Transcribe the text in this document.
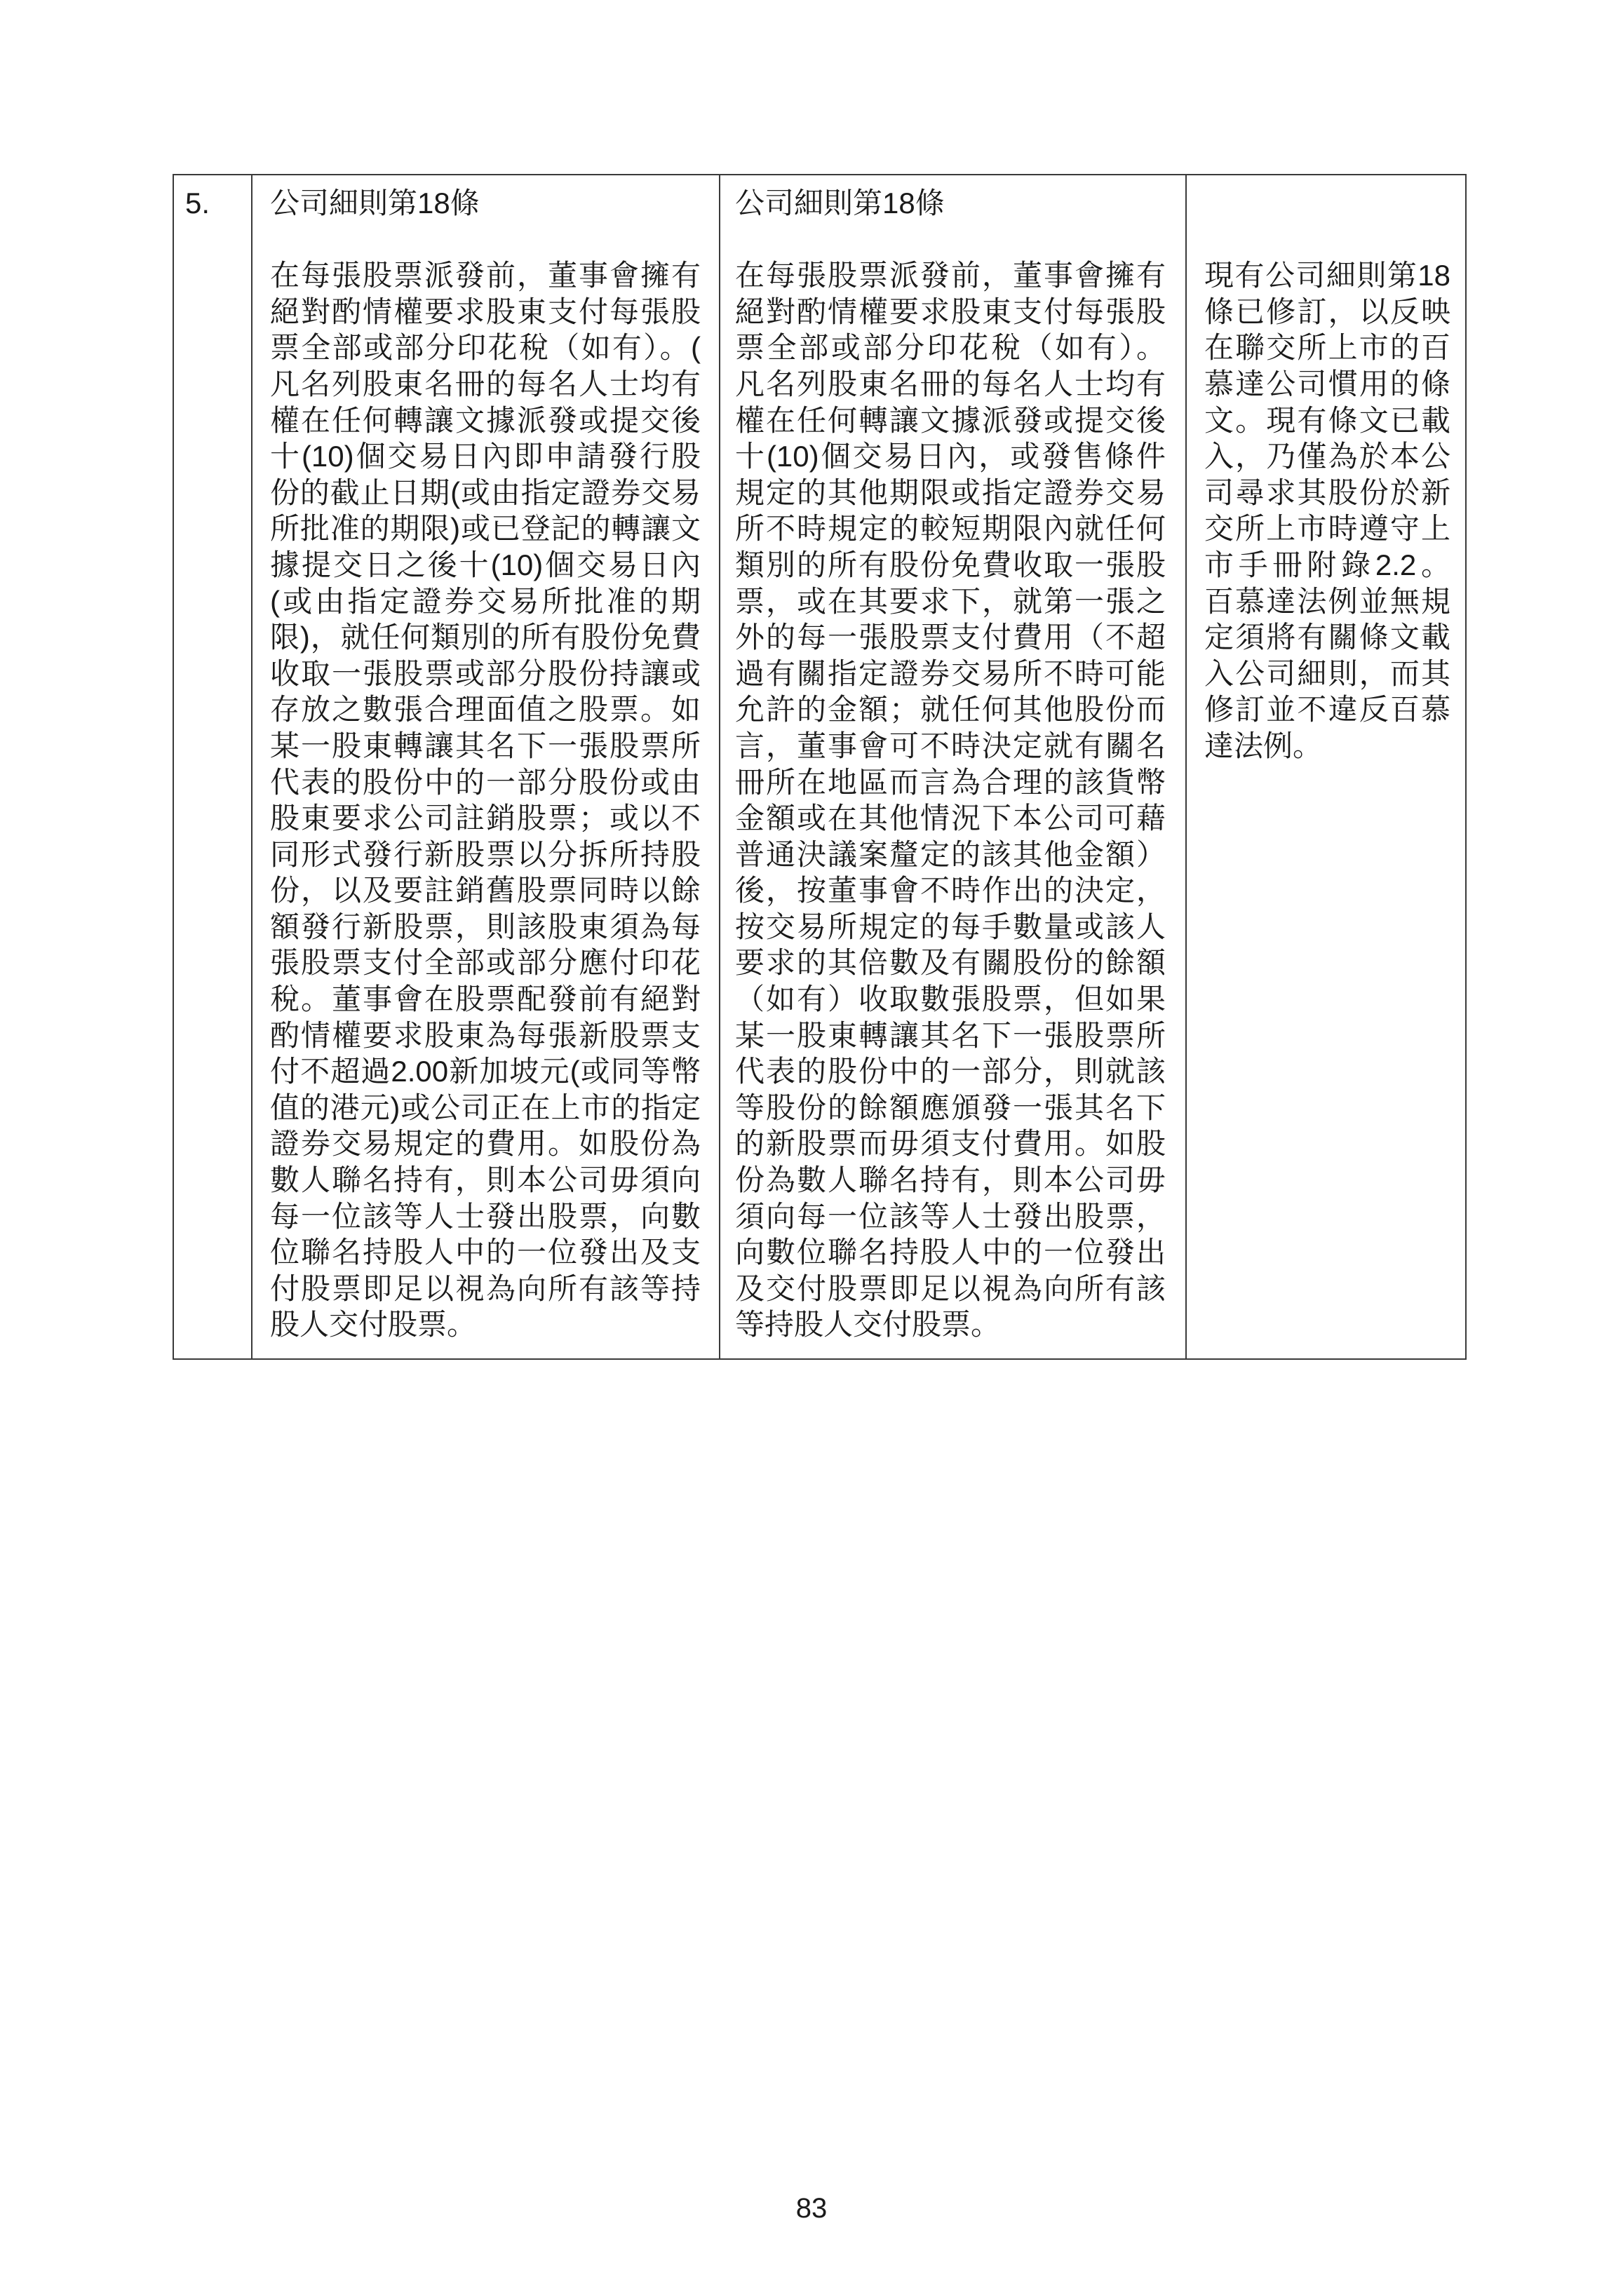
5.	公司細則第18條
在每張股票派發前，董事會擁有
絕對酌情權要求股東支付每張股
票全部或部分印花稅（如有）。(
凡名列股東名冊的每名人士均有
權在任何轉讓文據派發或提交後
十(10)個交易日內即申請發行股
份的截止日期(或由指定證券交易
所批准的期限)或已登記的轉讓文
據提交日之後十(10)個交易日內
(或由指定證券交易所批准的期
限)，就任何類別的所有股份免費
收取一張股票或部分股份持讓或
存放之數張合理面值之股票。如
某一股東轉讓其名下一張股票所
代表的股份中的一部分股份或由
股東要求公司註銷股票；或以不
同形式發行新股票以分拆所持股
份，以及要註銷舊股票同時以餘
額發行新股票，則該股東須為每
張股票支付全部或部分應付印花
稅。董事會在股票配發前有絕對
酌情權要求股東為每張新股票支
付不超過2.00新加坡元(或同等幣
值的港元)或公司正在上市的指定
證券交易規定的費用。如股份為
數人聯名持有，則本公司毋須向
每一位該等人士發出股票，向數
位聯名持股人中的一位發出及支
付股票即足以視為向所有該等持
股人交付股票。

公司細則第18條
在每張股票派發前，董事會擁有
絕對酌情權要求股東支付每張股
票全部或部分印花稅（如有）。
凡名列股東名冊的每名人士均有
權在任何轉讓文據派發或提交後
十(10)個交易日內，或發售條件
規定的其他期限或指定證券交易
所不時規定的較短期限內就任何
類別的所有股份免費收取一張股
票，或在其要求下，就第一張之
外的每一張股票支付費用（不超
過有關指定證券交易所不時可能
允許的金額；就任何其他股份而
言，董事會可不時決定就有關名
冊所在地區而言為合理的該貨幣
金額或在其他情況下本公司可藉
普通決議案釐定的該其他金額）
後，按董事會不時作出的決定，
按交易所規定的每手數量或該人
要求的其倍數及有關股份的餘額
（如有）收取數張股票，但如果
某一股東轉讓其名下一張股票所
代表的股份中的一部分，則就該
等股份的餘額應頒發一張其名下
的新股票而毋須支付費用。如股
份為數人聯名持有，則本公司毋
須向每一位該等人士發出股票，
向數位聯名持股人中的一位發出
及交付股票即足以視為向所有該
等持股人交付股票。

現有公司細則第18
條已修訂，以反映
在聯交所上市的百
慕達公司慣用的條
文。現有條文已載
入，乃僅為於本公
司尋求其股份於新
交所上市時遵守上
市手冊附錄2.2。
百慕達法例並無規
定須將有關條文載
入公司細則，而其
修訂並不違反百慕
達法例。
83
